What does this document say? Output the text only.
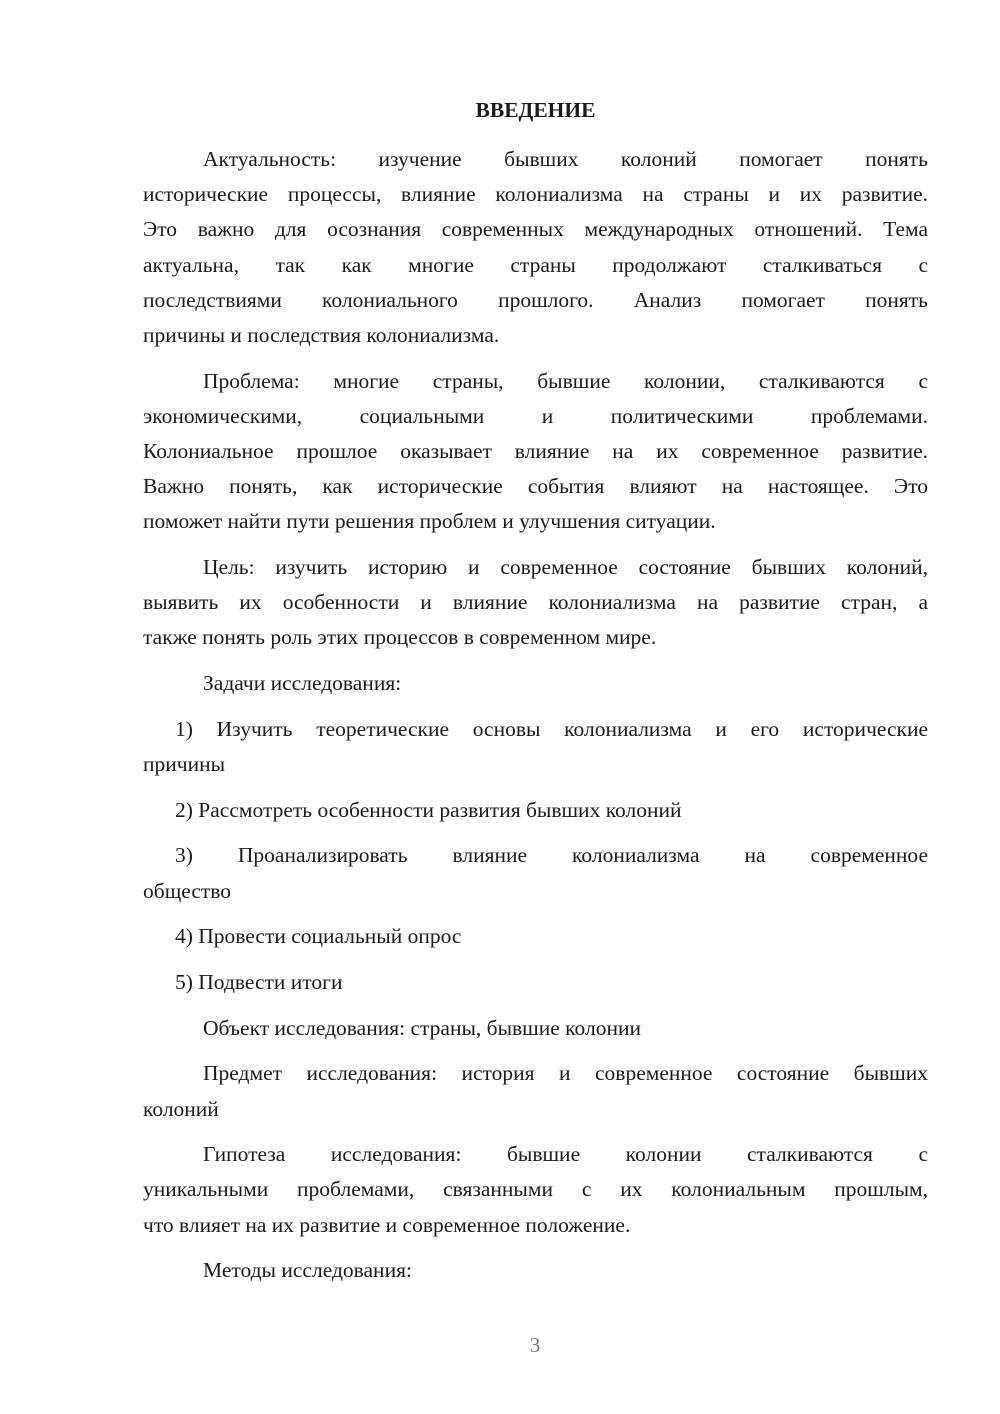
ВВЕДЕНИЕ
Актуальность: изучение бывших колоний помогает понять
исторические процессы, влияние колониализма на страны и их развитие.
Это важно для осознания современных международных отношений. Тема
актуальна, так как многие страны продолжают сталкиваться с
последствиями колониального прошлого. Анализ помогает понять
причины и последствия колониализма.
Проблема: многие страны, бывшие колонии, сталкиваются с
экономическими, социальными и политическими проблемами.
Колониальное прошлое оказывает влияние на их современное развитие.
Важно понять, как исторические события влияют на настоящее. Это
поможет найти пути решения проблем и улучшения ситуации.
Цель: изучить историю и современное состояние бывших колоний,
выявить их особенности и влияние колониализма на развитие стран, а
также понять роль этих процессов в современном мире.
Задачи исследования:
1) Изучить теоретические основы колониализма и его исторические
причины
2) Рассмотреть особенности развития бывших колоний
3) Проанализировать влияние колониализма на современное
общество
4) Провести социальный опрос
5) Подвести итоги
Объект исследования: страны, бывшие колонии
Предмет исследования: история и современное состояние бывших
колоний
Гипотеза исследования: бывшие колонии сталкиваются с
уникальными проблемами, связанными с их колониальным прошлым,
что влияет на их развитие и современное положение.
Методы исследования:
3
